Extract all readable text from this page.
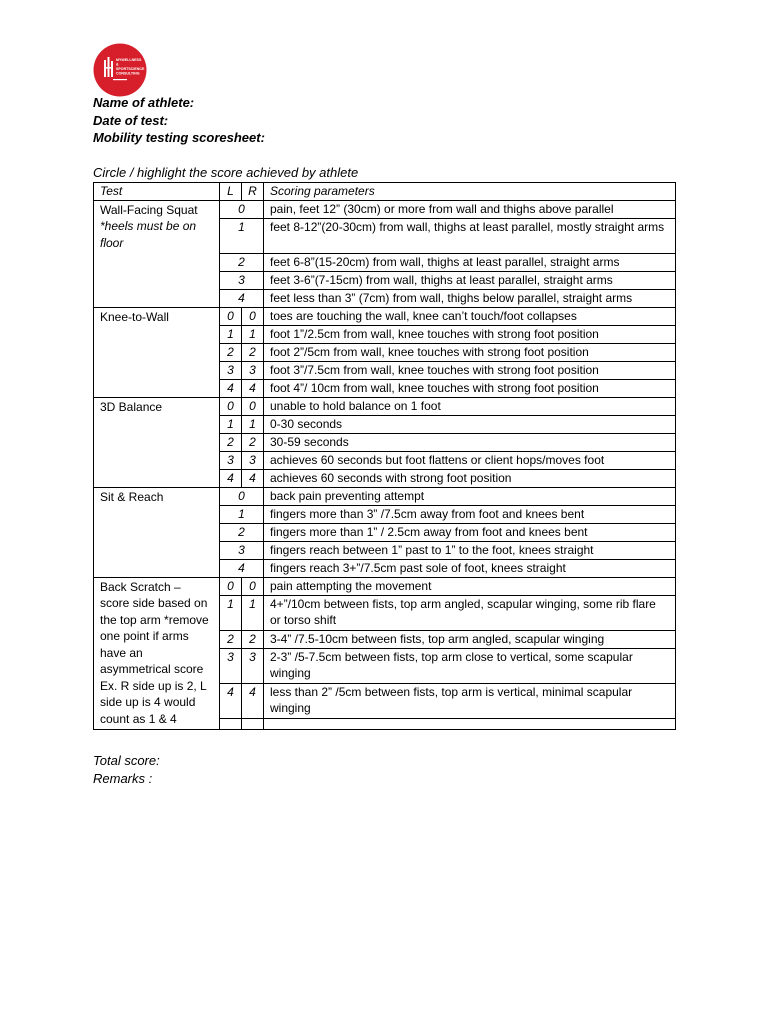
MYWELLNESS
&
SPORTSCIENCE
CONSULTING
Name of athlete:
Date of test:
Mobility testing scoresheet:
Circle / highlight the score achieved by athlete
Test	L	R	Scoring parameters

Wall-Facing Squat
*heels must be on floor	0		pain, feet 12” (30cm) or more from wall and thighs above parallel
	1		feet 8-12”(20-30cm) from wall, thighs at least parallel, mostly straight arms
	2		feet 6-8”(15-20cm) from wall, thighs at least parallel, straight arms
	3		feet 3-6”(7-15cm) from wall, thighs at least parallel, straight arms
	4		feet less than 3” (7cm) from wall, thighs below parallel, straight arms
Knee-to-Wall	0	0	toes are touching the wall, knee can’t touch/foot collapses
	1	1	foot 1”/2.5cm from wall, knee touches with strong foot position
	2	2	foot 2”/5cm from wall, knee touches with strong foot position
	3	3	foot 3”/7.5cm from wall, knee touches with strong foot position
	4	4	foot 4”/ 10cm from wall, knee touches with strong foot position
3D Balance	0	0	unable to hold balance on 1 foot
	1	1	0-30 seconds
	2	2	30-59 seconds
	3	3	achieves 60 seconds but foot flattens or client hops/moves foot
	4	4	achieves 60 seconds with strong foot position
Sit & Reach	0		back pain preventing attempt
	1		fingers more than 3” /7.5cm away from foot and knees bent
	2		fingers more than 1” / 2.5cm away from foot and knees bent
	3		fingers reach between 1” past to 1” to the foot, knees straight
	4		fingers reach 3+”/7.5cm past sole of foot, knees straight
Back Scratch – score side based on the top arm *remove one point if arms have an asymmetrical score Ex. R side up is 2, L side up is 4 would count as 1 & 4	0	0	pain attempting the movement
	1	1	4+”/10cm between fists, top arm angled, scapular winging, some rib flare or torso shift
	2	2	3-4” /7.5-10cm between fists, top arm angled, scapular winging
	3	3	2-3” /5-7.5cm between fists, top arm close to vertical, some scapular winging
	4	4	less than 2” /5cm between fists, top arm is vertical, minimal scapular winging

Total score:
Remarks :
